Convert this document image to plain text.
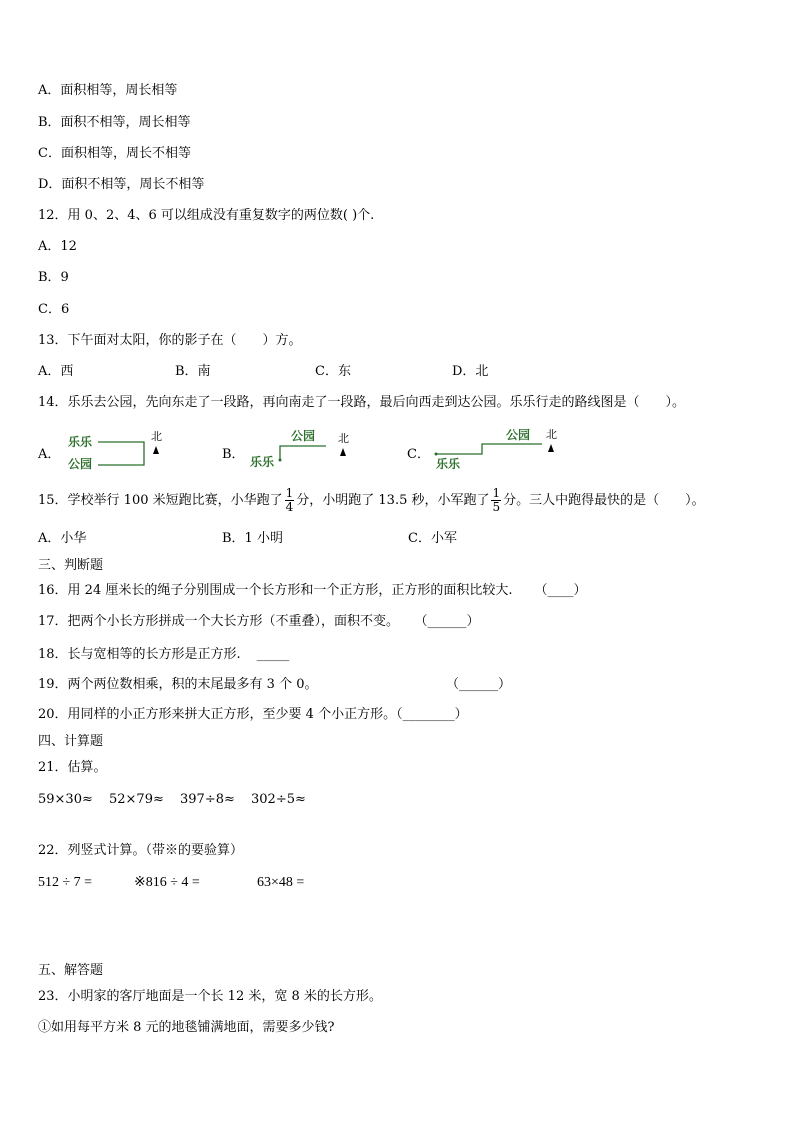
A．面积相等，周长相等
B．面积不相等，周长相等
C．面积相等，周长不相等
D．面积不相等，周长不相等
12．用 0、2、4、6 可以组成没有重复数字的两位数( )个.
A．12
B．9
C．6
13．下午面对太阳，你的影子在（　　）方。
A．西	B．南	C．东	D．北
14．乐乐去公园，先向东走了一段路，再向南走了一段路，最后向西走到达公园。乐乐行走的路线图是（　　）。
A．
乐乐
公园
北
B．
公园
乐乐
北
C．
公园
乐乐
北
15．学校举行 100 米短跑比赛，小华跑了 $\frac{1}{4}$ 分，小明跑了 13.5 秒，小军跑了 $\frac{1}{5}$ 分。三人中跑得最快的是（　　）。
A．小华	B．1 小明	C．小军
三、判断题
16．用 24 厘米长的绳子分别围成一个长方形和一个正方形，正方形的面积比较大. （____）
17．把两个小长方形拼成一个大长方形（不重叠），面积不变。 （______）
18．长与宽相等的长方形是正方形. _____
19．两个两位数相乘，积的末尾最多有 3 个 0。	（______）
20．用同样的小正方形来拼大正方形，至少要 4 个小正方形。（________）
四、计算题
21．估算。
59×30≈ 52×79≈ 397÷8≈ 302÷5≈
22．列竖式计算。（带※的要验算）
512 ÷ 7 =	※816 ÷ 4 =	63×48 =
五、解答题
23．小明家的客厅地面是一个长 12 米，宽 8 米的长方形。
①如用每平方米 8 元的地毯铺满地面，需要多少钱?
